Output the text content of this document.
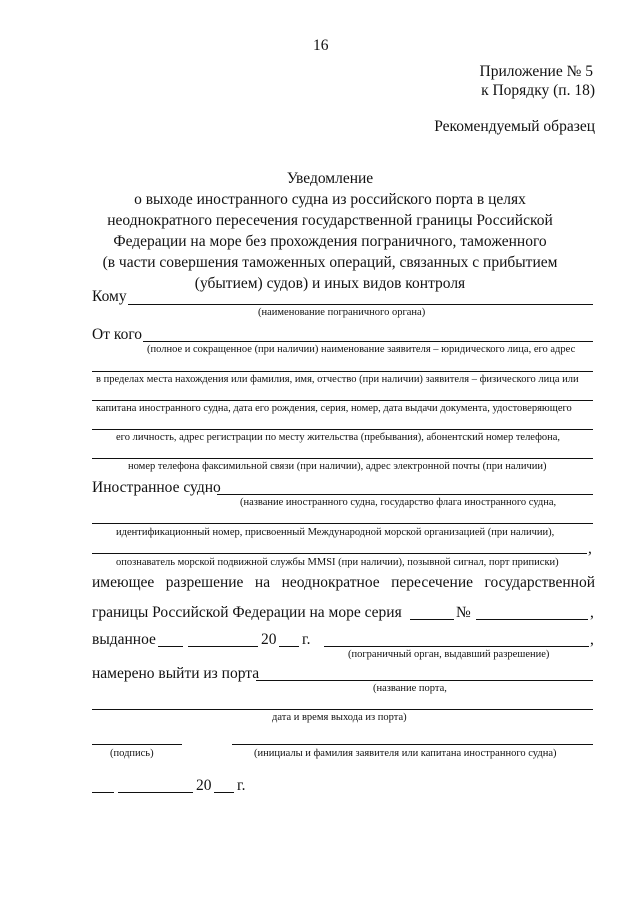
16
Приложение № 5
к Порядку (п. 18)
Рекомендуемый образец
Уведомление
о выходе иностранного судна из российского порта в целях
неоднократного пересечения государственной границы Российской
Федерации на море без прохождения пограничного, таможенного
(в части совершения таможенных операций, связанных с прибытием
(убытием) судов) и иных видов контроля
Кому
(наименование пограничного органа)
От кого
(полное и сокращенное (при наличии) наименование заявителя – юридического лица, его адрес
в пределах места нахождения или фамилия, имя, отчество (при наличии) заявителя – физического лица или
капитана иностранного судна, дата его рождения, серия, номер, дата выдачи документа, удостоверяющего
его личность, адрес регистрации по месту жительства (пребывания), абонентский номер телефона,
номер телефона факсимильной связи (при наличии), адрес электронной почты (при наличии)
Иностранное судно
(название иностранного судна, государство флага иностранного судна,
идентификационный номер, присвоенный Международной морской организацией (при наличии),
,
опознаватель морской подвижной службы MMSI (при наличии), позывной сигнал, порт приписки)
имеющее разрешение на неоднократное пересечение государственной
границы Российской Федерации на море серия	№	,
выданное	20 г.	,
(пограничный орган, выдавший разрешение)
намерено выйти из порта
(название порта,
дата и время выхода из порта)
(подпись)	(инициалы и фамилия заявителя или капитана иностранного судна)
20 г.
